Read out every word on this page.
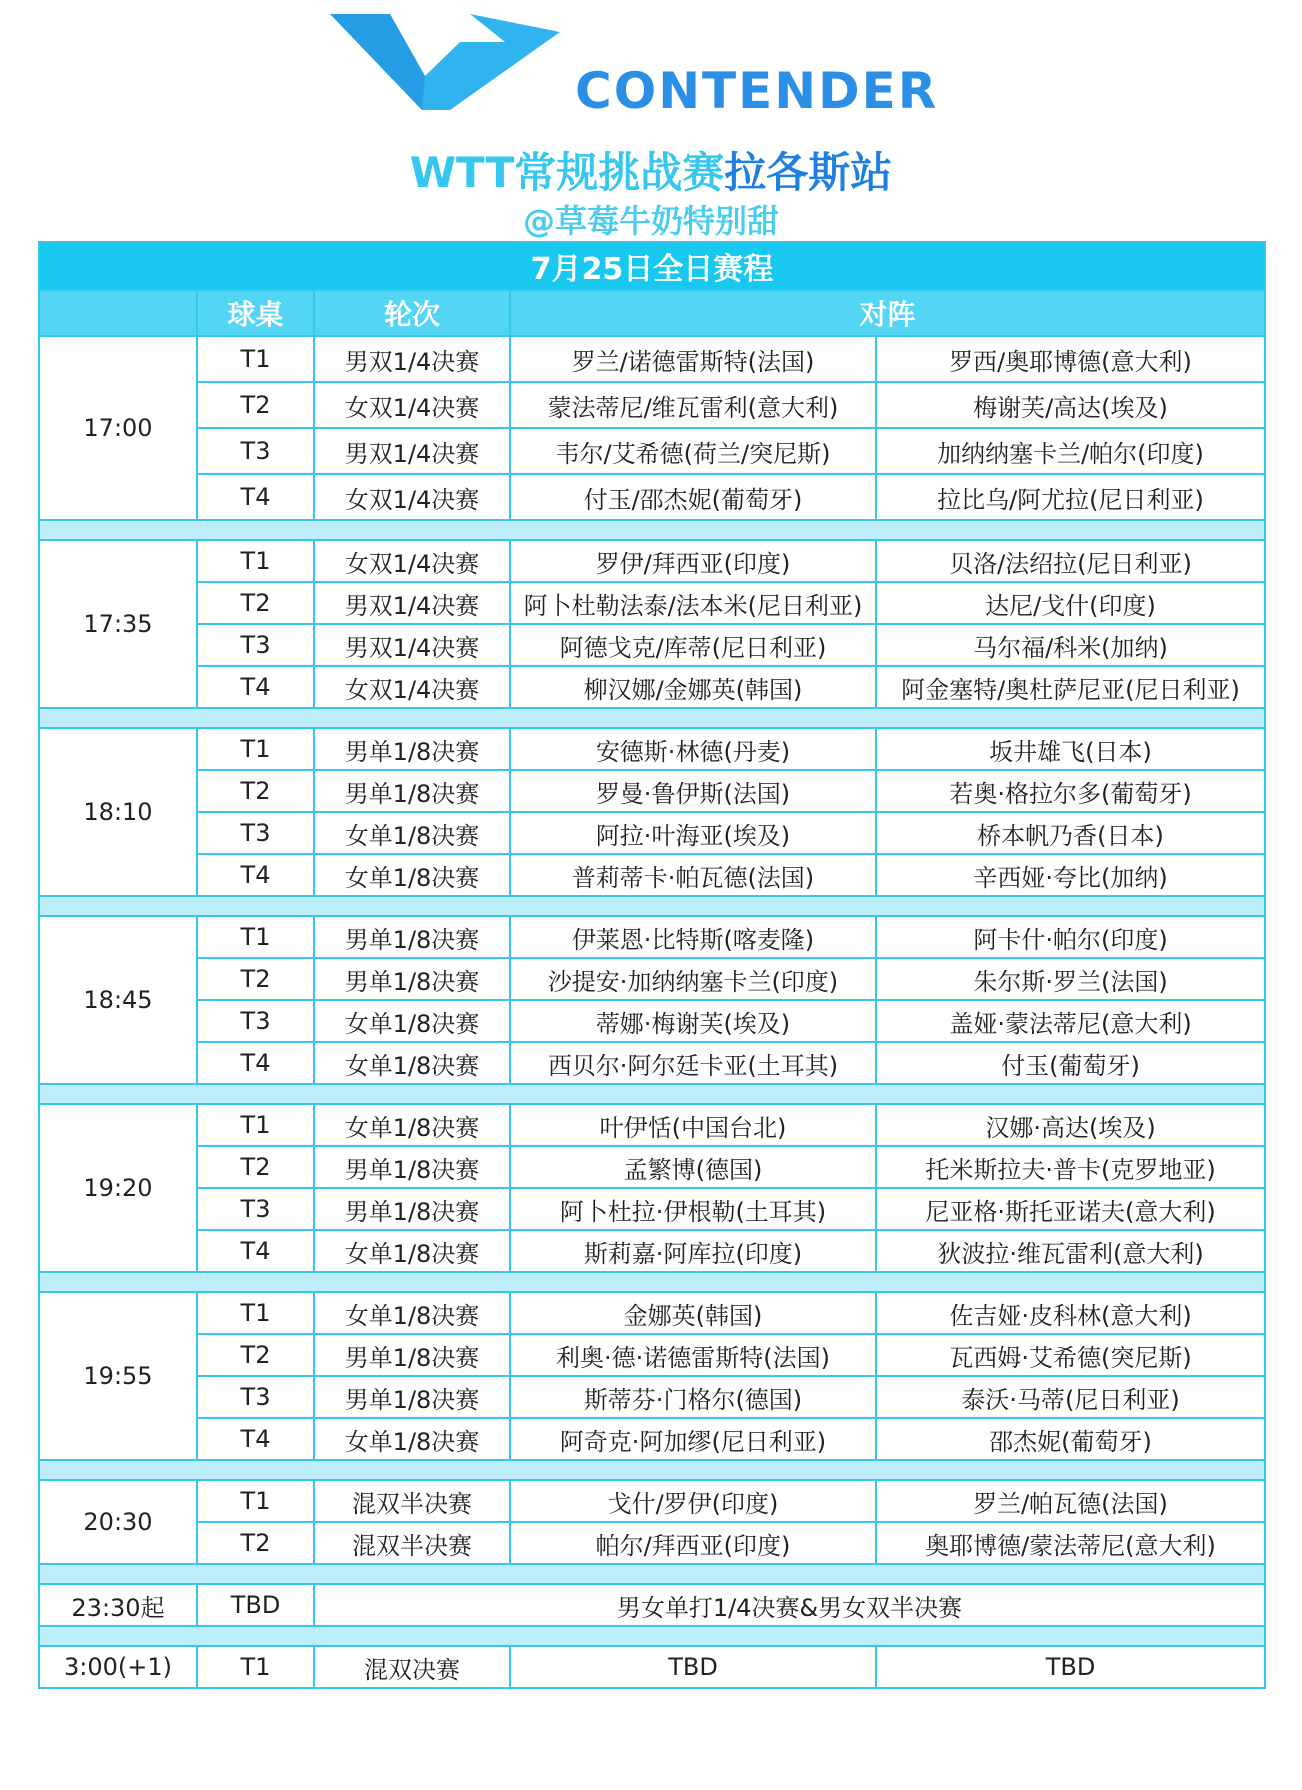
CONTENDER
WTT常规挑战赛拉各斯站
@草莓牛奶特别甜
7月25日全日赛程				
	球桌	轮次	对阵	
17:00	T1	男双1/4决赛	罗兰/诺德雷斯特(法国)	罗西/奥耶博德(意大利)
	T2	女双1/4决赛	蒙法蒂尼/维瓦雷利(意大利)	梅谢芙/高达(埃及)
	T3	男双1/4决赛	韦尔/艾希德(荷兰/突尼斯)	加纳纳塞卡兰/帕尔(印度)
	T4	女双1/4决赛	付玉/邵杰妮(葡萄牙)	拉比乌/阿尤拉(尼日利亚)

17:35	T1	女双1/4决赛	罗伊/拜西亚(印度)	贝洛/法绍拉(尼日利亚)
	T2	男双1/4决赛	阿卜杜勒法泰/法本米(尼日利亚)	达尼/戈什(印度)
	T3	男双1/4决赛	阿德戈克/库蒂(尼日利亚)	马尔福/科米(加纳)
	T4	女双1/4决赛	柳汉娜/金娜英(韩国)	阿金塞特/奥杜萨尼亚(尼日利亚)

18:10	T1	男单1/8决赛	安德斯·林德(丹麦)	坂井雄飞(日本)
	T2	男单1/8决赛	罗曼·鲁伊斯(法国)	若奥·格拉尔多(葡萄牙)
	T3	女单1/8决赛	阿拉·叶海亚(埃及)	桥本帆乃香(日本)
	T4	女单1/8决赛	普莉蒂卡·帕瓦德(法国)	辛西娅·夸比(加纳)

18:45	T1	男单1/8决赛	伊莱恩·比特斯(喀麦隆)	阿卡什·帕尔(印度)
	T2	男单1/8决赛	沙提安·加纳纳塞卡兰(印度)	朱尔斯·罗兰(法国)
	T3	女单1/8决赛	蒂娜·梅谢芙(埃及)	盖娅·蒙法蒂尼(意大利)
	T4	女单1/8决赛	西贝尔·阿尔廷卡亚(土耳其)	付玉(葡萄牙)

19:20	T1	女单1/8决赛	叶伊恬(中国台北)	汉娜·高达(埃及)
	T2	男单1/8决赛	孟繁博(德国)	托米斯拉夫·普卡(克罗地亚)
	T3	男单1/8决赛	阿卜杜拉·伊根勒(土耳其)	尼亚格·斯托亚诺夫(意大利)
	T4	女单1/8决赛	斯莉嘉·阿库拉(印度)	狄波拉·维瓦雷利(意大利)

19:55	T1	女单1/8决赛	金娜英(韩国)	佐吉娅·皮科林(意大利)
	T2	男单1/8决赛	利奥·德·诺德雷斯特(法国)	瓦西姆·艾希德(突尼斯)
	T3	男单1/8决赛	斯蒂芬·门格尔(德国)	泰沃·马蒂(尼日利亚)
	T4	女单1/8决赛	阿奇克·阿加缪(尼日利亚)	邵杰妮(葡萄牙)

20:30	T1	混双半决赛	戈什/罗伊(印度)	罗兰/帕瓦德(法国)
	T2	混双半决赛	帕尔/拜西亚(印度)	奥耶博德/蒙法蒂尼(意大利)

23:30起	TBD	男女单打1/4决赛&男女双半决赛		

3:00(+1)	T1	混双决赛	TBD	TBD
